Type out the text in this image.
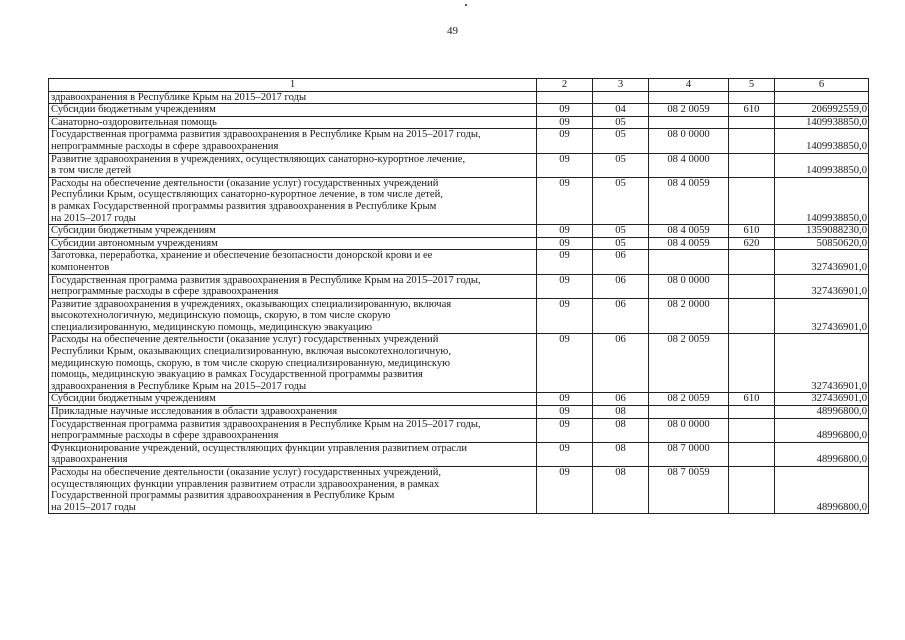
49
1	2	3	4	5	6
здравоохранения в Республике Крым на 2015–2017 годы					
Субсидии бюджетным учреждениям	09	04	08 2 0059	610	206992559,0
Санаторно-оздоровительная помощь	09	05			1409938850,0
Государственная программа развития здравоохранения в Республике Крым на 2015–2017 годы,
непрограммные расходы в сфере здравоохранения	09	05	08 0 0000		1409938850,0
Развитие здравоохранения в учреждениях, осуществляющих санаторно-курортное лечение,
в том числе детей	09	05	08 4 0000		1409938850,0
Расходы на обеспечение деятельности (оказание услуг) государственных учреждений
Республики Крым, осуществляющих санаторно-курортное лечение, в том числе детей,
в рамках Государственной программы развития здравоохранения в Республике Крым
на 2015–2017 годы	09	05	08 4 0059		1409938850,0
Субсидии бюджетным учреждениям	09	05	08 4 0059	610	1359088230,0
Субсидии автономным учреждениям	09	05	08 4 0059	620	50850620,0
Заготовка, переработка, хранение и обеспечение безопасности донорской крови и ее
компонентов	09	06			327436901,0
Государственная программа развития здравоохранения в Республике Крым на 2015–2017 годы,
непрограммные расходы в сфере здравоохранения	09	06	08 0 0000		327436901,0
Развитие здравоохранения в учреждениях, оказывающих специализированную, включая
высокотехнологичную, медицинскую помощь, скорую, в том числе скорую
специализированную, медицинскую помощь, медицинскую эвакуацию	09	06	08 2 0000		327436901,0
Расходы на обеспечение деятельности (оказание услуг) государственных учреждений
Республики Крым, оказывающих специализированную, включая высокотехнологичную,
медицинскую помощь, скорую, в том числе скорую специализированную, медицинскую
помощь, медицинскую эвакуацию в рамках Государственной программы развития
здравоохранения в Республике Крым на 2015–2017 годы	09	06	08 2 0059		327436901,0
Субсидии бюджетным учреждениям	09	06	08 2 0059	610	327436901,0
Прикладные научные исследования в области здравоохранения	09	08			48996800,0
Государственная программа развития здравоохранения в Республике Крым на 2015–2017 годы,
непрограммные расходы в сфере здравоохранения	09	08	08 0 0000		48996800,0
Функционирование учреждений, осуществляющих функции управления развитием отрасли
здравоохранения	09	08	08 7 0000		48996800,0
Расходы на обеспечение деятельности (оказание услуг) государственных учреждений,
осуществляющих функции управления развитием отрасли здравоохранения, в рамках
Государственной программы развития здравоохранения в Республике Крым
на 2015–2017 годы	09	08	08 7 0059		48996800,0
